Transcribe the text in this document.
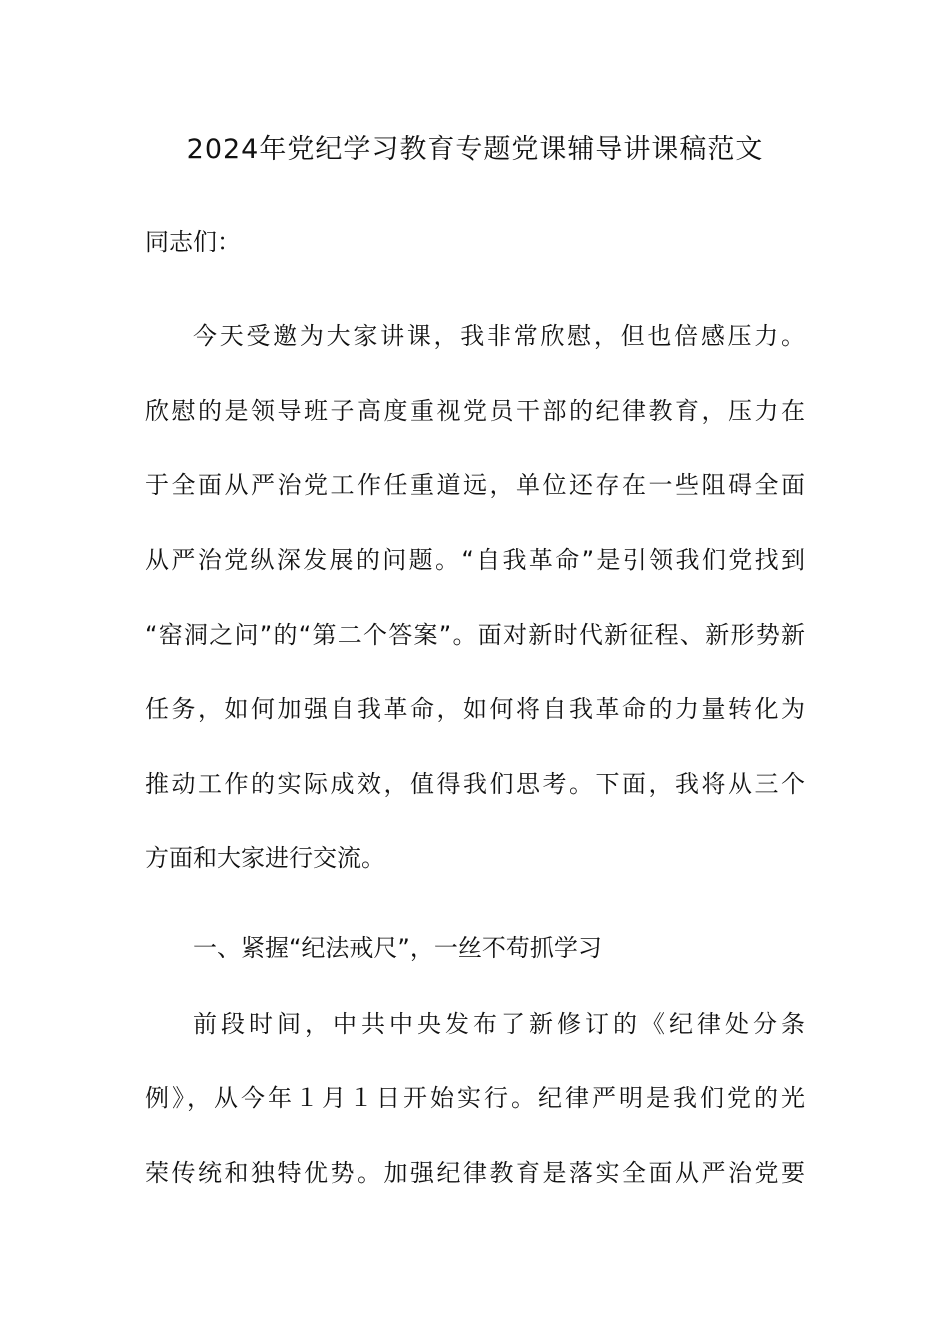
2024年党纪学习教育专题党课辅导讲课稿范文

同志们：

今天受邀为大家讲课，我非常欣慰，但也倍感压力。

欣慰的是领导班子高度重视党员干部的纪律教育，压力在

于全面从严治党工作任重道远，单位还存在一些阻碍全面

从严治党纵深发展的问题。“自我革命”是引领我们党找到

“窑洞之问”的“第二个答案”。面对新时代新征程、新形势新

任务，如何加强自我革命，如何将自我革命的力量转化为

推动工作的实际成效，值得我们思考。下面，我将从三个

方面和大家进行交流。

一、紧握“纪法戒尺”，一丝不苟抓学习

前段时间，中共中央发布了新修订的《纪律处分条

例》，从今年１月１日开始实行。纪律严明是我们党的光

荣传统和独特优势。加强纪律教育是落实全面从严治党要
